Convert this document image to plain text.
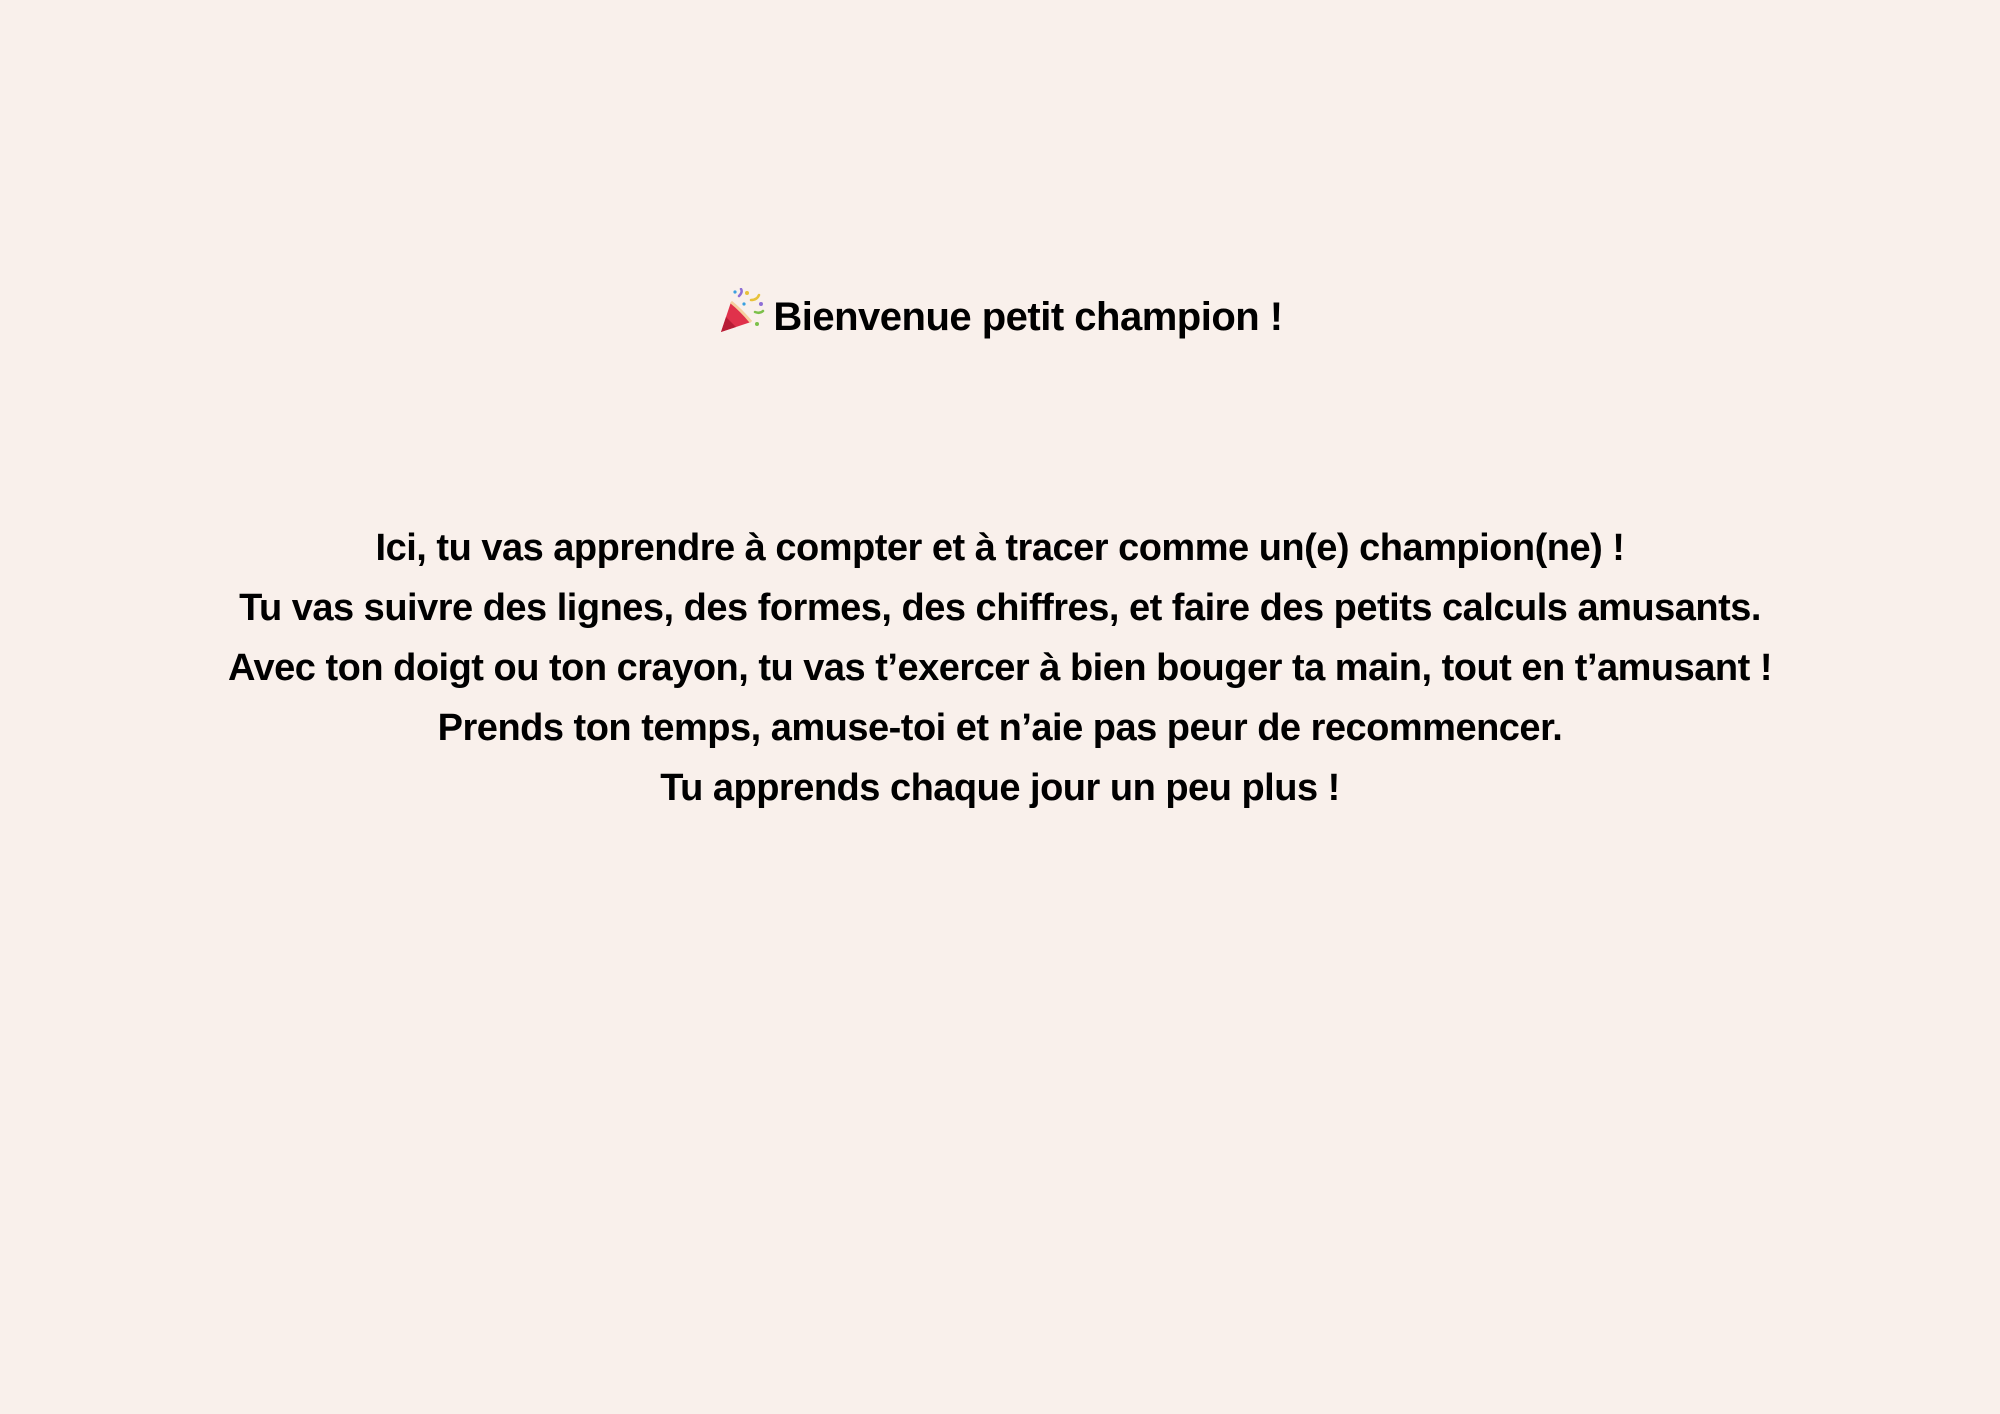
Bienvenue petit champion !
Ici, tu vas apprendre à compter et à tracer comme un(e) champion(ne) !
Tu vas suivre des lignes, des formes, des chiffres, et faire des petits calculs amusants.
Avec ton doigt ou ton crayon, tu vas t’exercer à bien bouger ta main, tout en t’amusant !
Prends ton temps, amuse-toi et n’aie pas peur de recommencer.
Tu apprends chaque jour un peu plus !
